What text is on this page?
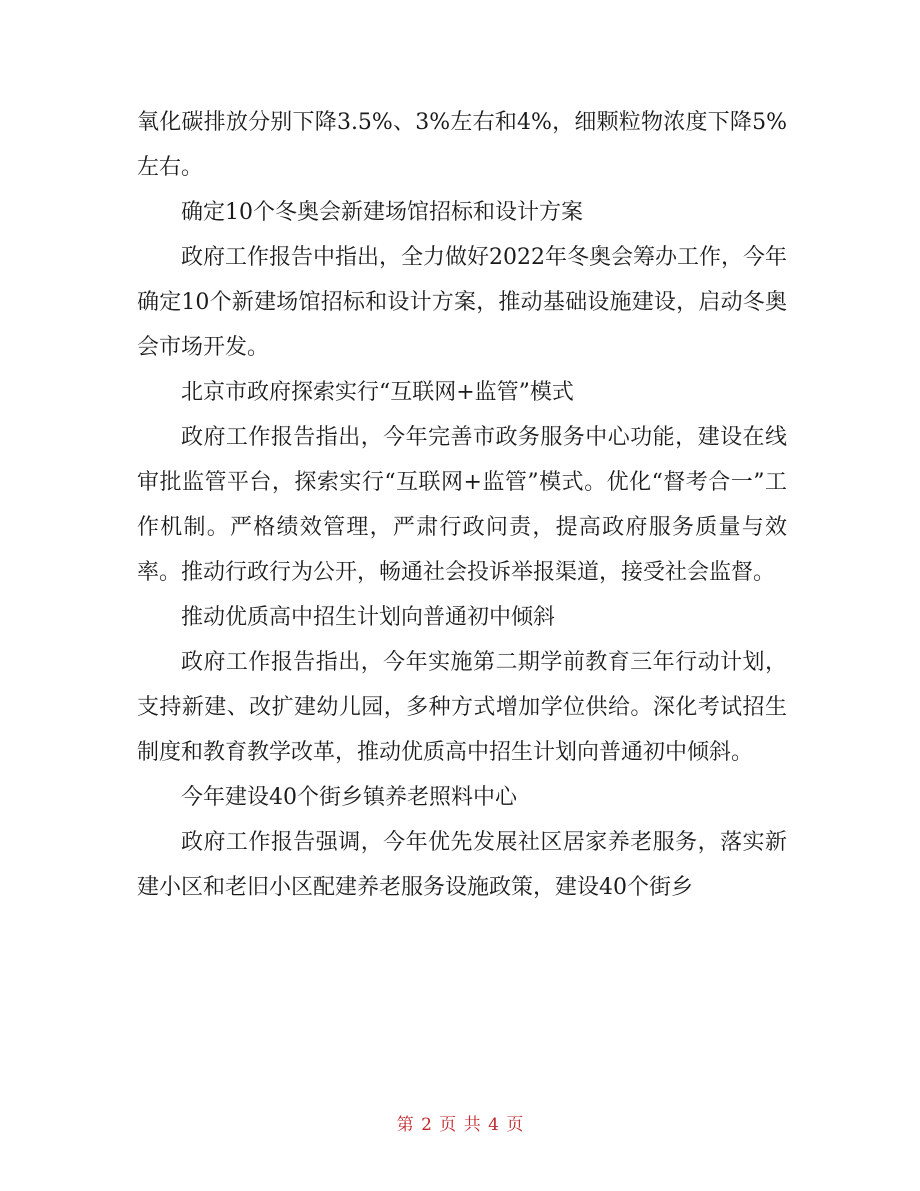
氧化碳排放分别下降3.5%、3%左右和4%，细颗粒物浓度下降5%左右。

确定10个冬奥会新建场馆招标和设计方案

政府工作报告中指出，全力做好2022年冬奥会筹办工作，今年确定10个新建场馆招标和设计方案，推动基础设施建设，启动冬奥会市场开发。

北京市政府探索实行“互联网+监管”模式

政府工作报告指出，今年完善市政务服务中心功能，建设在线审批监管平台，探索实行“互联网+监管”模式。优化“督考合一”工作机制。严格绩效管理，严肃行政问责，提高政府服务质量与效率。推动行政行为公开，畅通社会投诉举报渠道，接受社会监督。

推动优质高中招生计划向普通初中倾斜

政府工作报告指出，今年实施第二期学前教育三年行动计划，支持新建、改扩建幼儿园，多种方式增加学位供给。深化考试招生制度和教育教学改革，推动优质高中招生计划向普通初中倾斜。

今年建设40个街乡镇养老照料中心

政府工作报告强调，今年优先发展社区居家养老服务，落实新建小区和老旧小区配建养老服务设施政策，建设40个街乡

第 2 页 共 4 页
